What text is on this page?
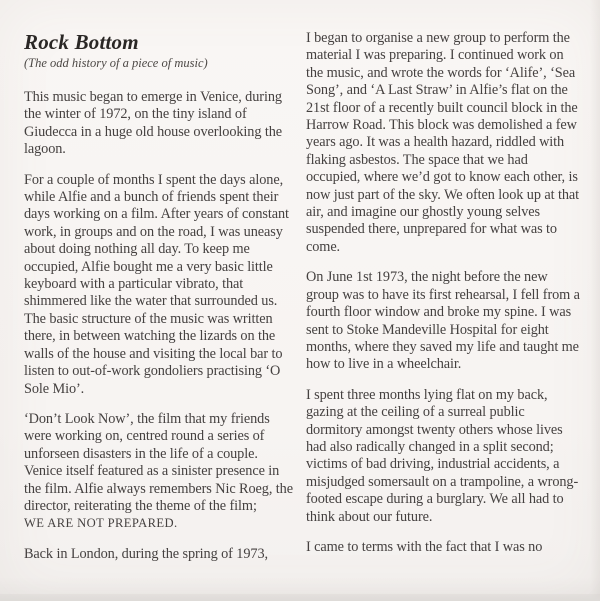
Rock Bottom
(The odd history of a piece of music)

This music began to emerge in Venice, during the winter of 1972, on the tiny island of Giudecca in a huge old house overlooking the lagoon.

For a couple of months I spent the days alone, while Alfie and a bunch of friends spent their days working on a film. After years of constant work, in groups and on the road, I was uneasy about doing nothing all day. To keep me occupied, Alfie bought me a very basic little keyboard with a particular vibrato, that shimmered like the water that surrounded us. The basic structure of the music was written there, in between watching the lizards on the walls of the house and visiting the local bar to listen to out-of-work gondoliers practising ‘O Sole Mio’.

‘Don’t Look Now’, the film that my friends were working on, centred round a series of unforseen disasters in the life of a couple. Venice itself featured as a sinister presence in the film. Alfie always remembers Nic Roeg, the director, reiterating the theme of the film;
WE ARE NOT PREPARED.

Back in London, during the spring of 1973,

I began to organise a new group to perform the material I was preparing. I continued work on the music, and wrote the words for ‘Alife’, ‘Sea Song’, and ‘A Last Straw’ in Alfie’s flat on the 21st floor of a recently built council block in the Harrow Road. This block was demolished a few years ago. It was a health hazard, riddled with flaking asbestos. The space that we had occupied, where we’d got to know each other, is now just part of the sky. We often look up at that air, and imagine our ghostly young selves suspended there, unprepared for what was to come.

On June 1st 1973, the night before the new group was to have its first rehearsal, I fell from a fourth floor window and broke my spine. I was sent to Stoke Mandeville Hospital for eight months, where they saved my life and taught me how to live in a wheelchair.

I spent three months lying flat on my back, gazing at the ceiling of a surreal public dormitory amongst twenty others whose lives had also radically changed in a split second; victims of bad driving, industrial accidents, a misjudged somersault on a trampoline, a wrong-footed escape during a burglary. We all had to think about our future.

I came to terms with the fact that I was no
